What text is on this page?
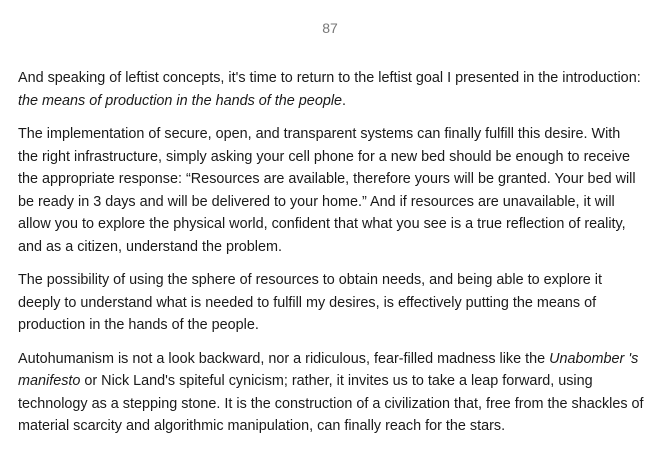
87

And speaking of leftist concepts, it's time to return to the leftist goal I presented in the introduction: the means of production in the hands of the people.

The implementation of secure, open, and transparent systems can finally fulfill this desire. With the right infrastructure, simply asking your cell phone for a new bed should be enough to receive the appropriate response: “Resources are available, therefore yours will be granted. Your bed will be ready in 3 days and will be delivered to your home.” And if resources are unavailable, it will allow you to explore the physical world, confident that what you see is a true reflection of reality, and as a citizen, understand the problem.

The possibility of using the sphere of resources to obtain needs, and being able to explore it deeply to understand what is needed to fulfill my desires, is effectively putting the means of production in the hands of the people.

Autohumanism is not a look backward, nor a ridiculous, fear-filled madness like the Unabomber 's manifesto or Nick Land's spiteful cynicism; rather, it invites us to take a leap forward, using technology as a stepping stone. It is the construction of a civilization that, free from the shackles of material scarcity and algorithmic manipulation, can finally reach for the stars.
